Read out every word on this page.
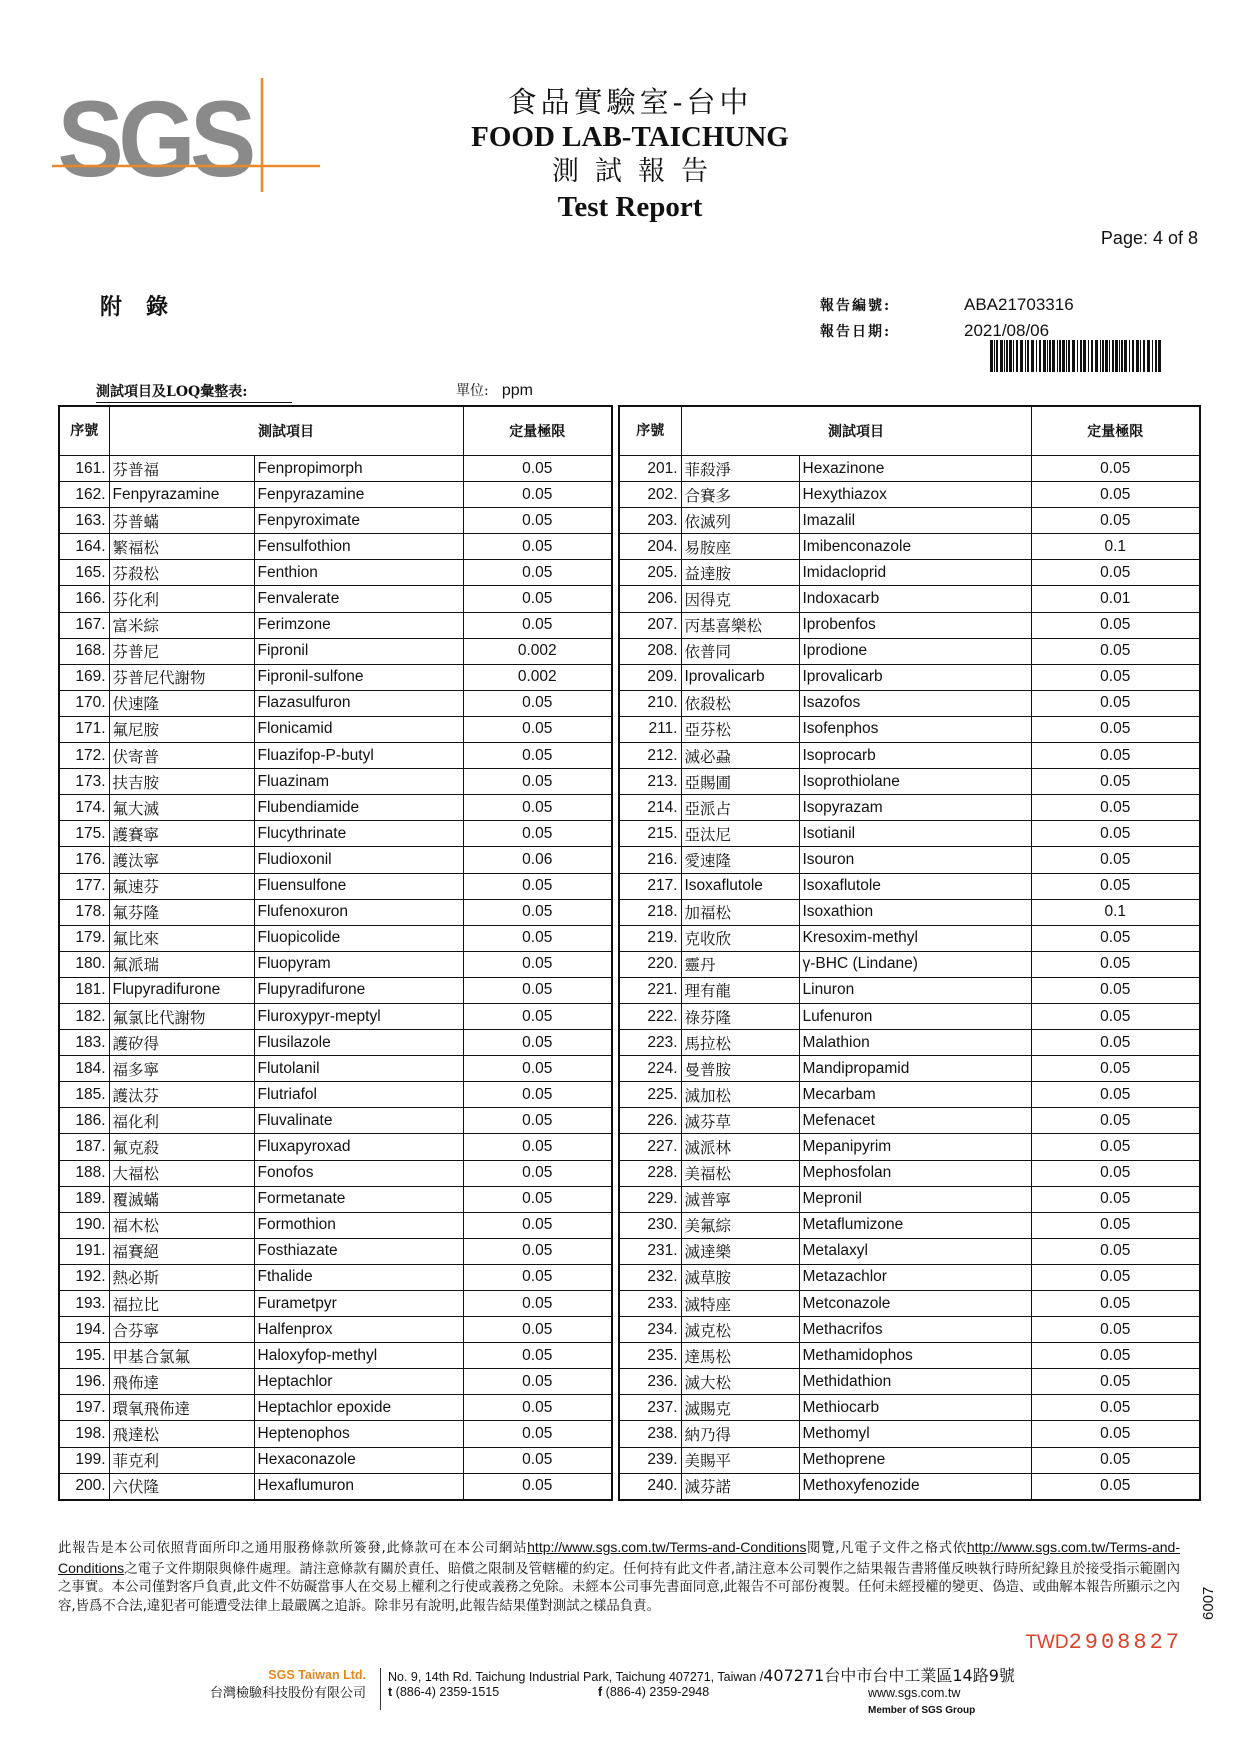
SGS	食品實驗室-台中
FOOD LAB-TAICHUNG
測試報告
Test Report
Page: 4 of 8
附錄	報告編號:	ABA21703316
報告日期:	2021/08/06
測試項目及LOQ彙整表:	單位: ppm
序號	測試項目		定量極限
161.	芬普福	Fenpropimorph	0.05
162.	Fenpyrazamine	Fenpyrazamine	0.05
163.	芬普蟎	Fenpyroximate	0.05
164.	繁福松	Fensulfothion	0.05
165.	芬殺松	Fenthion	0.05
166.	芬化利	Fenvalerate	0.05
167.	富米綜	Ferimzone	0.05
168.	芬普尼	Fipronil	0.002
169.	芬普尼代謝物	Fipronil-sulfone	0.002
170.	伏速隆	Flazasulfuron	0.05
171.	氟尼胺	Flonicamid	0.05
172.	伏寄普	Fluazifop-P-butyl	0.05
173.	扶吉胺	Fluazinam	0.05
174.	氟大滅	Flubendiamide	0.05
175.	護賽寧	Flucythrinate	0.05
176.	護汰寧	Fludioxonil	0.06
177.	氟速芬	Fluensulfone	0.05
178.	氟芬隆	Flufenoxuron	0.05
179.	氟比來	Fluopicolide	0.05
180.	氟派瑞	Fluopyram	0.05
181.	Flupyradifurone	Flupyradifurone	0.05
182.	氟氯比代謝物	Fluroxypyr-meptyl	0.05
183.	護矽得	Flusilazole	0.05
184.	福多寧	Flutolanil	0.05
185.	護汰芬	Flutriafol	0.05
186.	福化利	Fluvalinate	0.05
187.	氟克殺	Fluxapyroxad	0.05
188.	大福松	Fonofos	0.05
189.	覆滅蟎	Formetanate	0.05
190.	福木松	Formothion	0.05
191.	福賽絕	Fosthiazate	0.05
192.	熱必斯	Fthalide	0.05
193.	福拉比	Furametpyr	0.05
194.	合芬寧	Halfenprox	0.05
195.	甲基合氯氟	Haloxyfop-methyl	0.05
196.	飛佈達	Heptachlor	0.05
197.	環氧飛佈達	Heptachlor epoxide	0.05
198.	飛達松	Heptenophos	0.05
199.	菲克利	Hexaconazole	0.05
200.	六伏隆	Hexaflumuron	0.05
序號	測試項目		定量極限
201.	菲殺淨	Hexazinone	0.05
202.	合賽多	Hexythiazox	0.05
203.	依滅列	Imazalil	0.05
204.	易胺座	Imibenconazole	0.1
205.	益達胺	Imidacloprid	0.05
206.	因得克	Indoxacarb	0.01
207.	丙基喜樂松	Iprobenfos	0.05
208.	依普同	Iprodione	0.05
209.	Iprovalicarb	Iprovalicarb	0.05
210.	依殺松	Isazofos	0.05
211.	亞芬松	Isofenphos	0.05
212.	滅必蝨	Isoprocarb	0.05
213.	亞賜圃	Isoprothiolane	0.05
214.	亞派占	Isopyrazam	0.05
215.	亞汰尼	Isotianil	0.05
216.	愛速隆	Isouron	0.05
217.	Isoxaflutole	Isoxaflutole	0.05
218.	加福松	Isoxathion	0.1
219.	克收欣	Kresoxim-methyl	0.05
220.	靈丹	γ-BHC (Lindane)	0.05
221.	理有龍	Linuron	0.05
222.	祿芬隆	Lufenuron	0.05
223.	馬拉松	Malathion	0.05
224.	曼普胺	Mandipropamid	0.05
225.	滅加松	Mecarbam	0.05
226.	滅芬草	Mefenacet	0.05
227.	滅派林	Mepanipyrim	0.05
228.	美福松	Mephosfolan	0.05
229.	滅普寧	Mepronil	0.05
230.	美氟綜	Metaflumizone	0.05
231.	滅達樂	Metalaxyl	0.05
232.	滅草胺	Metazachlor	0.05
233.	滅特座	Metconazole	0.05
234.	滅克松	Methacrifos	0.05
235.	達馬松	Methamidophos	0.05
236.	滅大松	Methidathion	0.05
237.	滅賜克	Methiocarb	0.05
238.	納乃得	Methomyl	0.05
239.	美賜平	Methoprene	0.05
240.	滅芬諾	Methoxyfenozide	0.05
此報告是本公司依照背面所印之通用服務條款所簽發,此條款可在本公司網站http://www.sgs.com.tw/Terms-and-Conditions閱覽,凡電子文件之格式依http://www.sgs.com.tw/Terms-and-Conditions之電子文件期限與條件處理。請注意條款有關於責任、賠償之限制及管轄權的約定。任何持有此文件者,請注意本公司製作之結果報告書將僅反映執行時所紀錄且於接受指示範圍內之事實。本公司僅對客戶負責,此文件不妨礙當事人在交易上權利之行使或義務之免除。未經本公司事先書面同意,此報告不可部份複製。任何未經授權的變更、偽造、或曲解本報告所顯示之內容,皆爲不合法,違犯者可能遭受法律上最嚴厲之追訴。除非另有說明,此報告結果僅對測試之樣品負責。
TWD2908827
6007
SGS Taiwan Ltd.
台灣檢驗科技股份有限公司
No. 9, 14th Rd. Taichung Industrial Park, Taichung 407271, Taiwan /407271台中市台中工業區14路9號
t (886-4) 2359-1515	f (886-4) 2359-2948	www.sgs.com.tw
Member of SGS Group
